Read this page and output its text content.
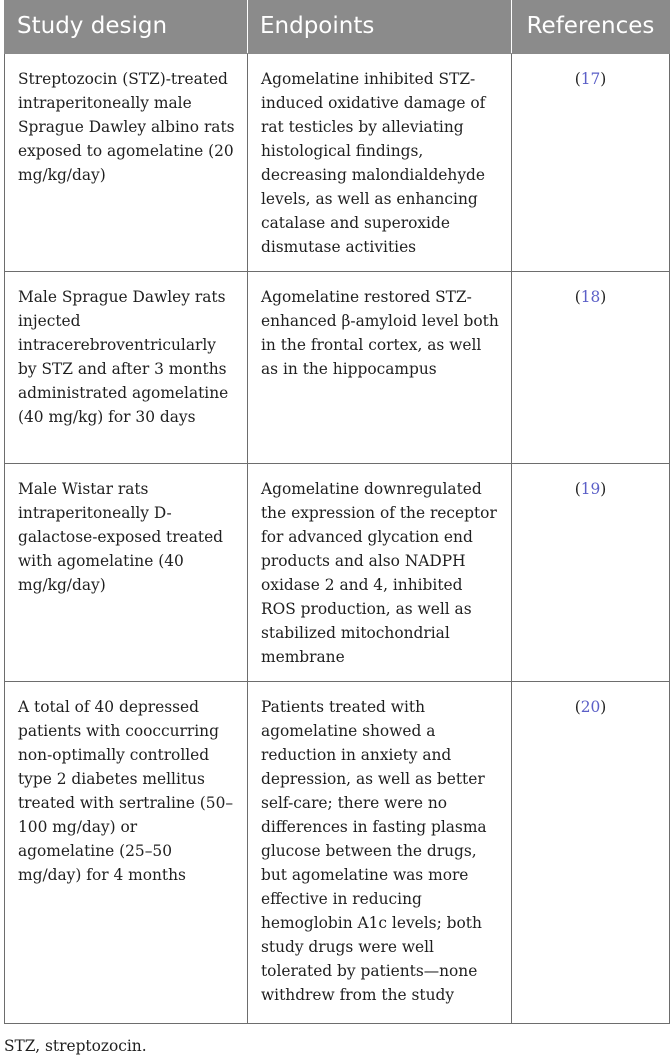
Study design	Endpoints	References
Streptozocin (STZ)-treated intraperitoneally male Sprague Dawley albino rats exposed to agomelatine (20 mg/kg/day)	Agomelatine inhibited STZ-induced oxidative damage of rat testicles by alleviating histological findings, decreasing malondialdehyde levels, as well as enhancing catalase and superoxide dismutase activities	(17)
Male Sprague Dawley rats injected intracerebroventricularly by STZ and after 3 months administrated agomelatine (40 mg/kg) for 30 days	Agomelatine restored STZ-enhanced β-amyloid level both in the frontal cortex, as well as in the hippocampus	(18)
Male Wistar rats intraperitoneally D-galactose-exposed treated with agomelatine (40 mg/kg/day)	Agomelatine downregulated the expression of the receptor for advanced glycation end products and also NADPH oxidase 2 and 4, inhibited ROS production, as well as stabilized mitochondrial membrane	(19)
A total of 40 depressed patients with cooccurring non-optimally controlled type 2 diabetes mellitus treated with sertraline (50–100 mg/day) or agomelatine (25–50 mg/day) for 4 months	Patients treated with agomelatine showed a reduction in anxiety and depression, as well as better self-care; there were no differences in fasting plasma glucose between the drugs, but agomelatine was more effective in reducing hemoglobin A1c levels; both study drugs were well tolerated by patients—none withdrew from the study	(20)
STZ, streptozocin.
